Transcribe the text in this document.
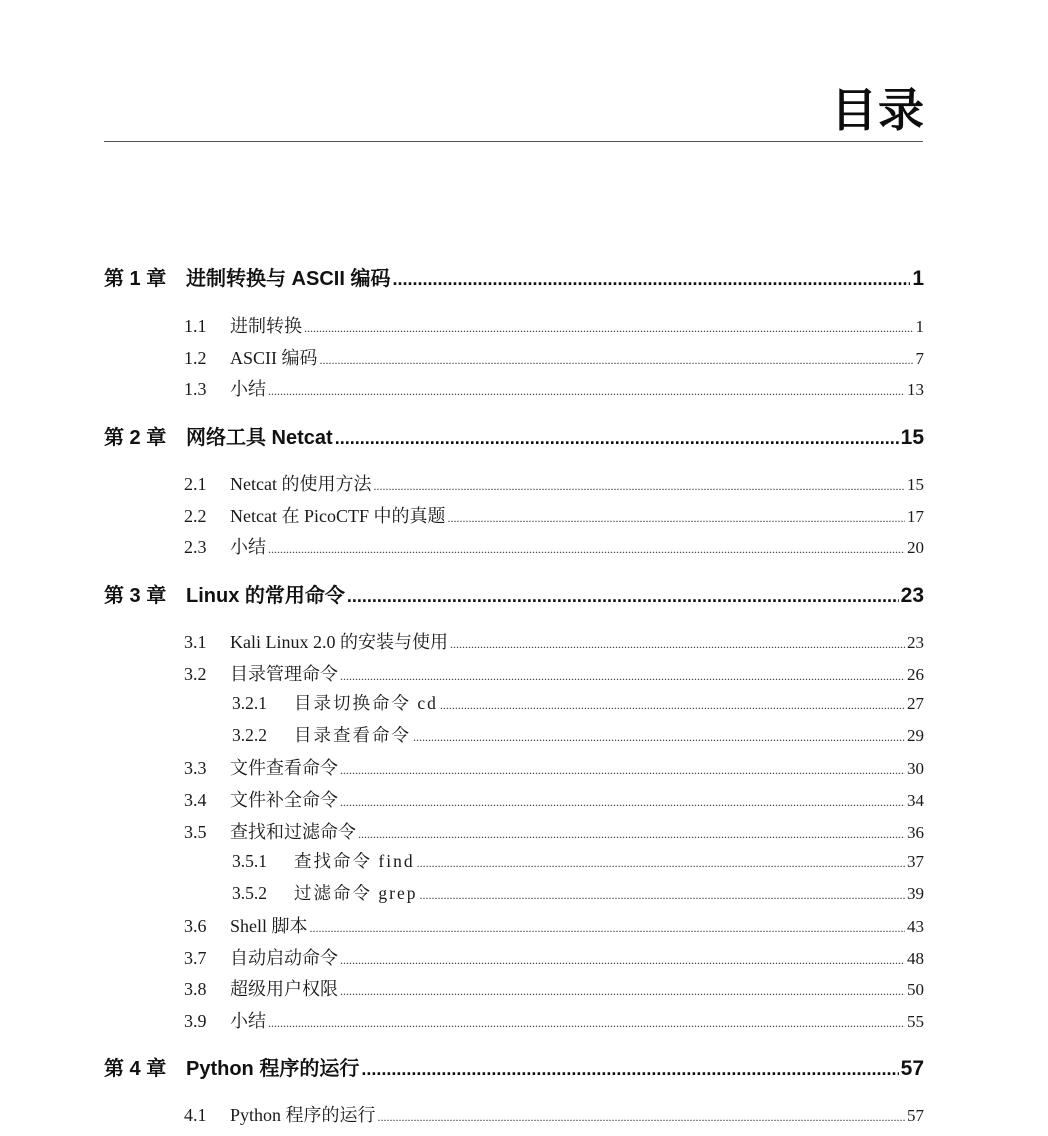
目录
第 1 章 进制转换与 ASCII 编码 .....	1
1.1	进制转换 .....	1
1.2	ASCII 编码 .....	7
1.3	小结 .....	13
第 2 章 网络工具 Netcat .....	15
2.1	Netcat 的使用方法 .....	15
2.2	Netcat 在 PicoCTF 中的真题 .....	17
2.3	小结 .....	20
第 3 章 Linux 的常用命令 .....	23
3.1	Kali Linux 2.0 的安装与使用 .....	23
3.2	目录管理命令 .....	26
3.2.1	目录切换命令 cd .....	27
3.2.2	目录查看命令 .....	29
3.3	文件查看命令 .....	30
3.4	文件补全命令 .....	34
3.5	查找和过滤命令 .....	36
3.5.1	查找命令 find .....	37
3.5.2	过滤命令 grep .....	39
3.6	Shell 脚本 .....	43
3.7	自动启动命令 .....	48
3.8	超级用户权限 .....	50
3.9	小结 .....	55
第 4 章 Python 程序的运行 .....	57
4.1	Python 程序的运行 .....	57
